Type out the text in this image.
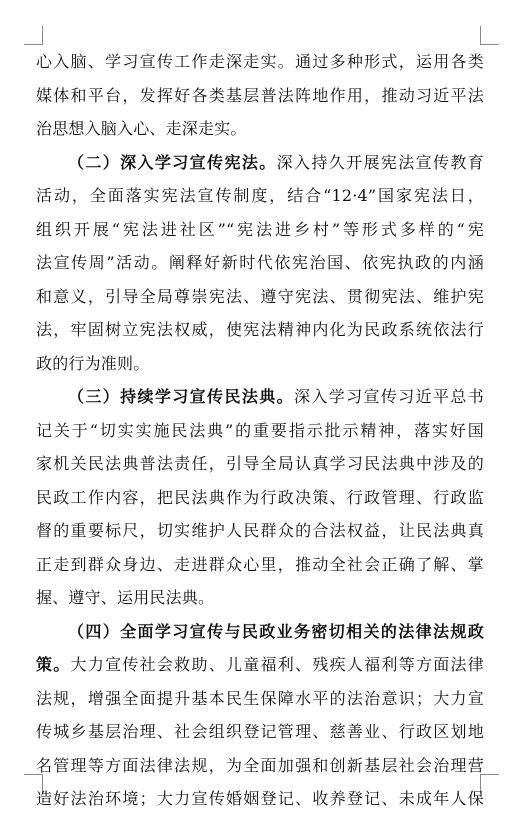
心入脑、学习宣传工作走深走实。通过多种形式，运用各类
媒体和平台，发挥好各类基层普法阵地作用，推动习近平法
治思想入脑入心、走深走实。
（二）深入学习宣传宪法。深入持久开展宪法宣传教育
活动，全面落实宪法宣传制度，结合“12·4”国家宪法日，
组织开展“宪法进社区”“宪法进乡村”等形式多样的“宪
法宣传周”活动。阐释好新时代依宪治国、依宪执政的内涵
和意义，引导全局尊崇宪法、遵守宪法、贯彻宪法、维护宪
法，牢固树立宪法权威，使宪法精神内化为民政系统依法行
政的行为准则。
（三）持续学习宣传民法典。深入学习宣传习近平总书
记关于“切实实施民法典”的重要指示批示精神，落实好国
家机关民法典普法责任，引导全局认真学习民法典中涉及的
民政工作内容，把民法典作为行政决策、行政管理、行政监
督的重要标尺，切实维护人民群众的合法权益，让民法典真
正走到群众身边、走进群众心里，推动全社会正确了解、掌
握、遵守、运用民法典。
（四）全面学习宣传与民政业务密切相关的法律法规政
策。大力宣传社会救助、儿童福利、残疾人福利等方面法律
法规，增强全面提升基本民生保障水平的法治意识；大力宣
传城乡基层治理、社会组织登记管理、慈善业、行政区划地
名管理等方面法律法规，为全面加强和创新基层社会治理营
造好法治环境；大力宣传婚姻登记、收养登记、未成年人保
